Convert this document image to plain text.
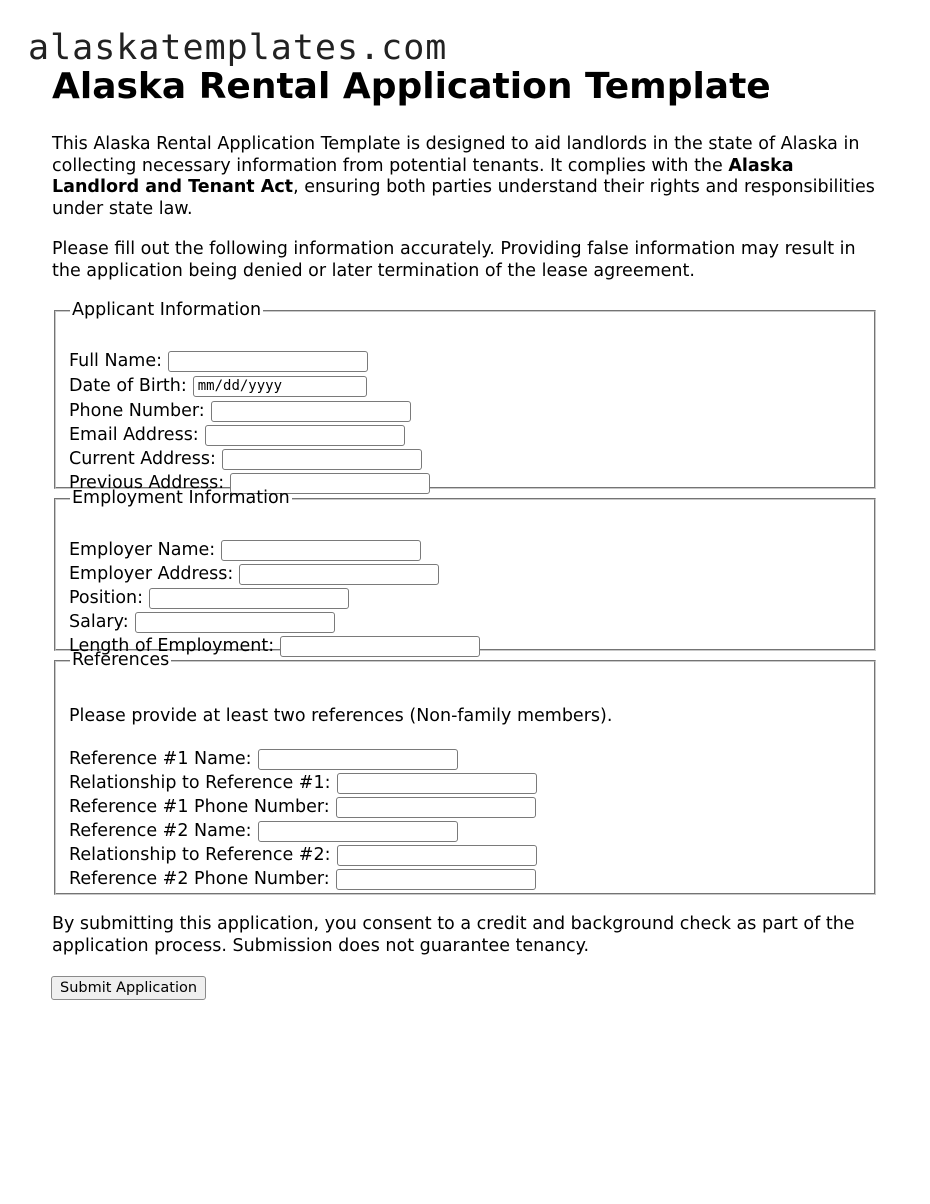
alaskatemplates.com
Alaska Rental Application Template

This Alaska Rental Application Template is designed to aid landlords in the state of Alaska in collecting necessary information from potential tenants. It complies with the Alaska Landlord and Tenant Act, ensuring both parties understand their rights and responsibilities under state law.

Please fill out the following information accurately. Providing false information may result in the application being denied or later termination of the lease agreement.

Applicant Information
Full Name:
Date of Birth:
mm/dd/yyyy
Phone Number:
Email Address:
Current Address:
Previous Address:
Employment Information
Employer Name:
Employer Address:
Position:
Salary:
Length of Employment:
References
Please provide at least two references (Non-family members).
Reference #1 Name:
Relationship to Reference #1:
Reference #1 Phone Number:
Reference #2 Name:
Relationship to Reference #2:
Reference #2 Phone Number:

By submitting this application, you consent to a credit and background check as part of the application process. Submission does not guarantee tenancy.

Submit Application
